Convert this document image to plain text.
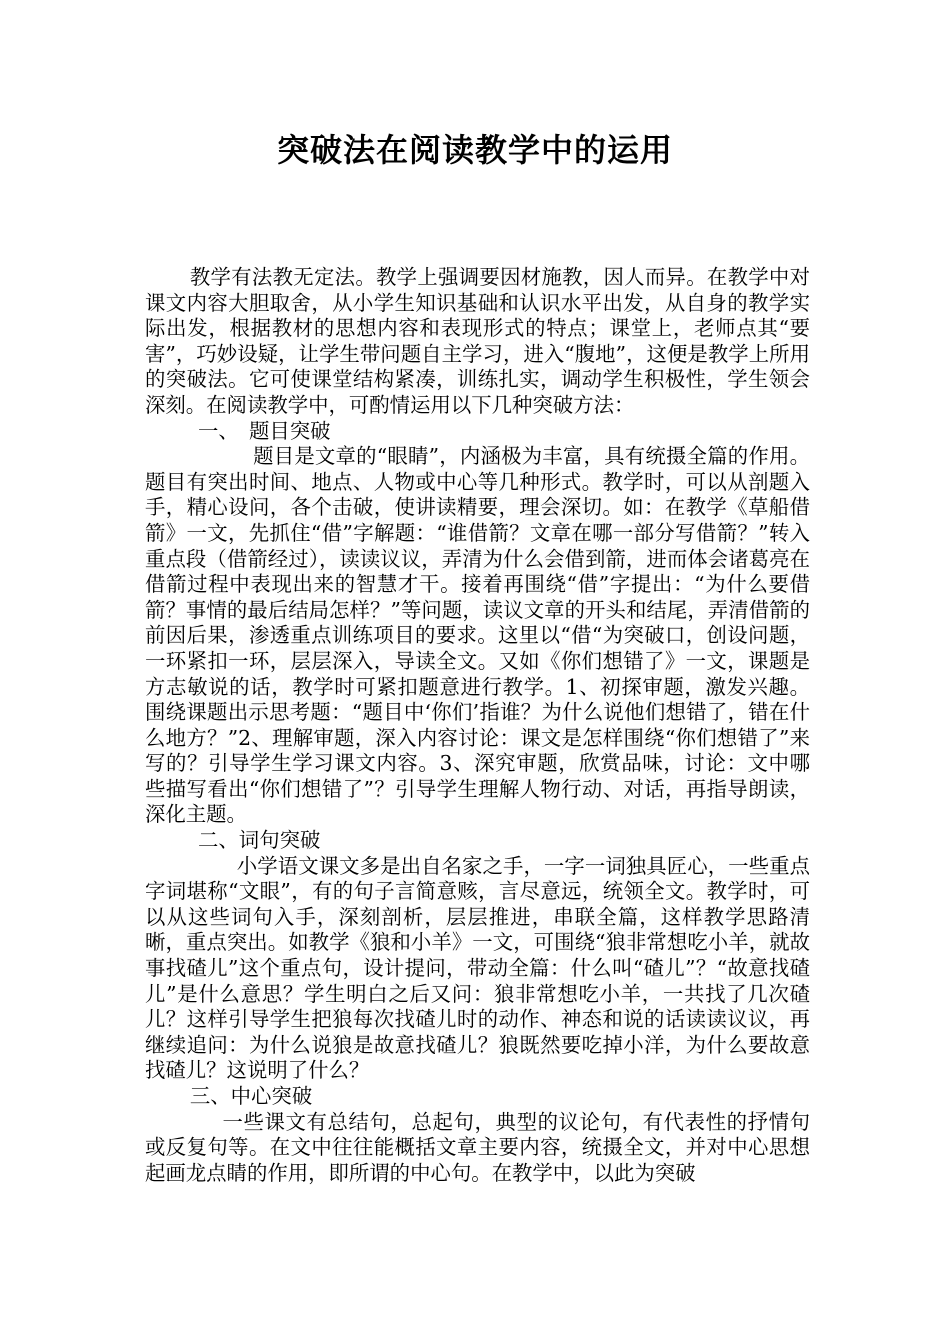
突破法在阅读教学中的运用

教学有法教无定法。教学上强调要因材施教，因人而异。在教学中对课文内容大胆取舍，从小学生知识基础和认识水平出发，从自身的教学实际出发，根据教材的思想内容和表现形式的特点；课堂上，老师点其“要害”，巧妙设疑，让学生带问题自主学习，进入“腹地”，这便是教学上所用的突破法。它可使课堂结构紧凑，训练扎实，调动学生积极性，学生领会深刻。在阅读教学中，可酌情运用以下几种突破方法：

一、　题目突破

题目是文章的“眼睛”，内涵极为丰富，具有统摄全篇的作用。题目有突出时间、地点、人物或中心等几种形式。教学时，可以从剖题入手，精心设问，各个击破，使讲读精要，理会深切。如：在教学《草船借箭》一文，先抓住“借”字解题：“谁借箭？文章在哪一部分写借箭？”转入重点段（借箭经过），读读议议，弄清为什么会借到箭，进而体会诸葛亮在借箭过程中表现出来的智慧才干。接着再围绕“借”字提出：“为什么要借箭？事情的最后结局怎样？”等问题，读议文章的开头和结尾，弄清借箭的前因后果，渗透重点训练项目的要求。这里以“借“为突破口，创设问题，一环紧扣一环，层层深入，导读全文。又如《你们想错了》一文，课题是方志敏说的话，教学时可紧扣题意进行教学。1、初探审题，激发兴趣。围绕课题出示思考题：“题目中‘你们’指谁？为什么说他们想错了，错在什么地方？”2、理解审题，深入内容讨论：课文是怎样围绕“你们想错了”来写的？引导学生学习课文内容。3、深究审题，欣赏品味，讨论：文中哪些描写看出“你们想错了”？引导学生理解人物行动、对话，再指导朗读，深化主题。

二、词句突破

小学语文课文多是出自名家之手，一字一词独具匠心，一些重点字词堪称“文眼”，有的句子言简意赅，言尽意远，统领全文。教学时，可以从这些词句入手，深刻剖析，层层推进，串联全篇，这样教学思路清晰，重点突出。如教学《狼和小羊》一文，可围绕“狼非常想吃小羊，就故事找碴儿”这个重点句，设计提问，带动全篇：什么叫“碴儿”？“故意找碴儿”是什么意思？学生明白之后又问：狼非常想吃小羊，一共找了几次碴儿？这样引导学生把狼每次找碴儿时的动作、神态和说的话读读议议，再继续追问：为什么说狼是故意找碴儿？狼既然要吃掉小洋，为什么要故意找碴儿？这说明了什么？

三、中心突破

一些课文有总结句，总起句，典型的议论句，有代表性的抒情句或反复句等。在文中往往能概括文章主要内容，统摄全文，并对中心思想起画龙点睛的作用，即所谓的中心句。在教学中，以此为突破
